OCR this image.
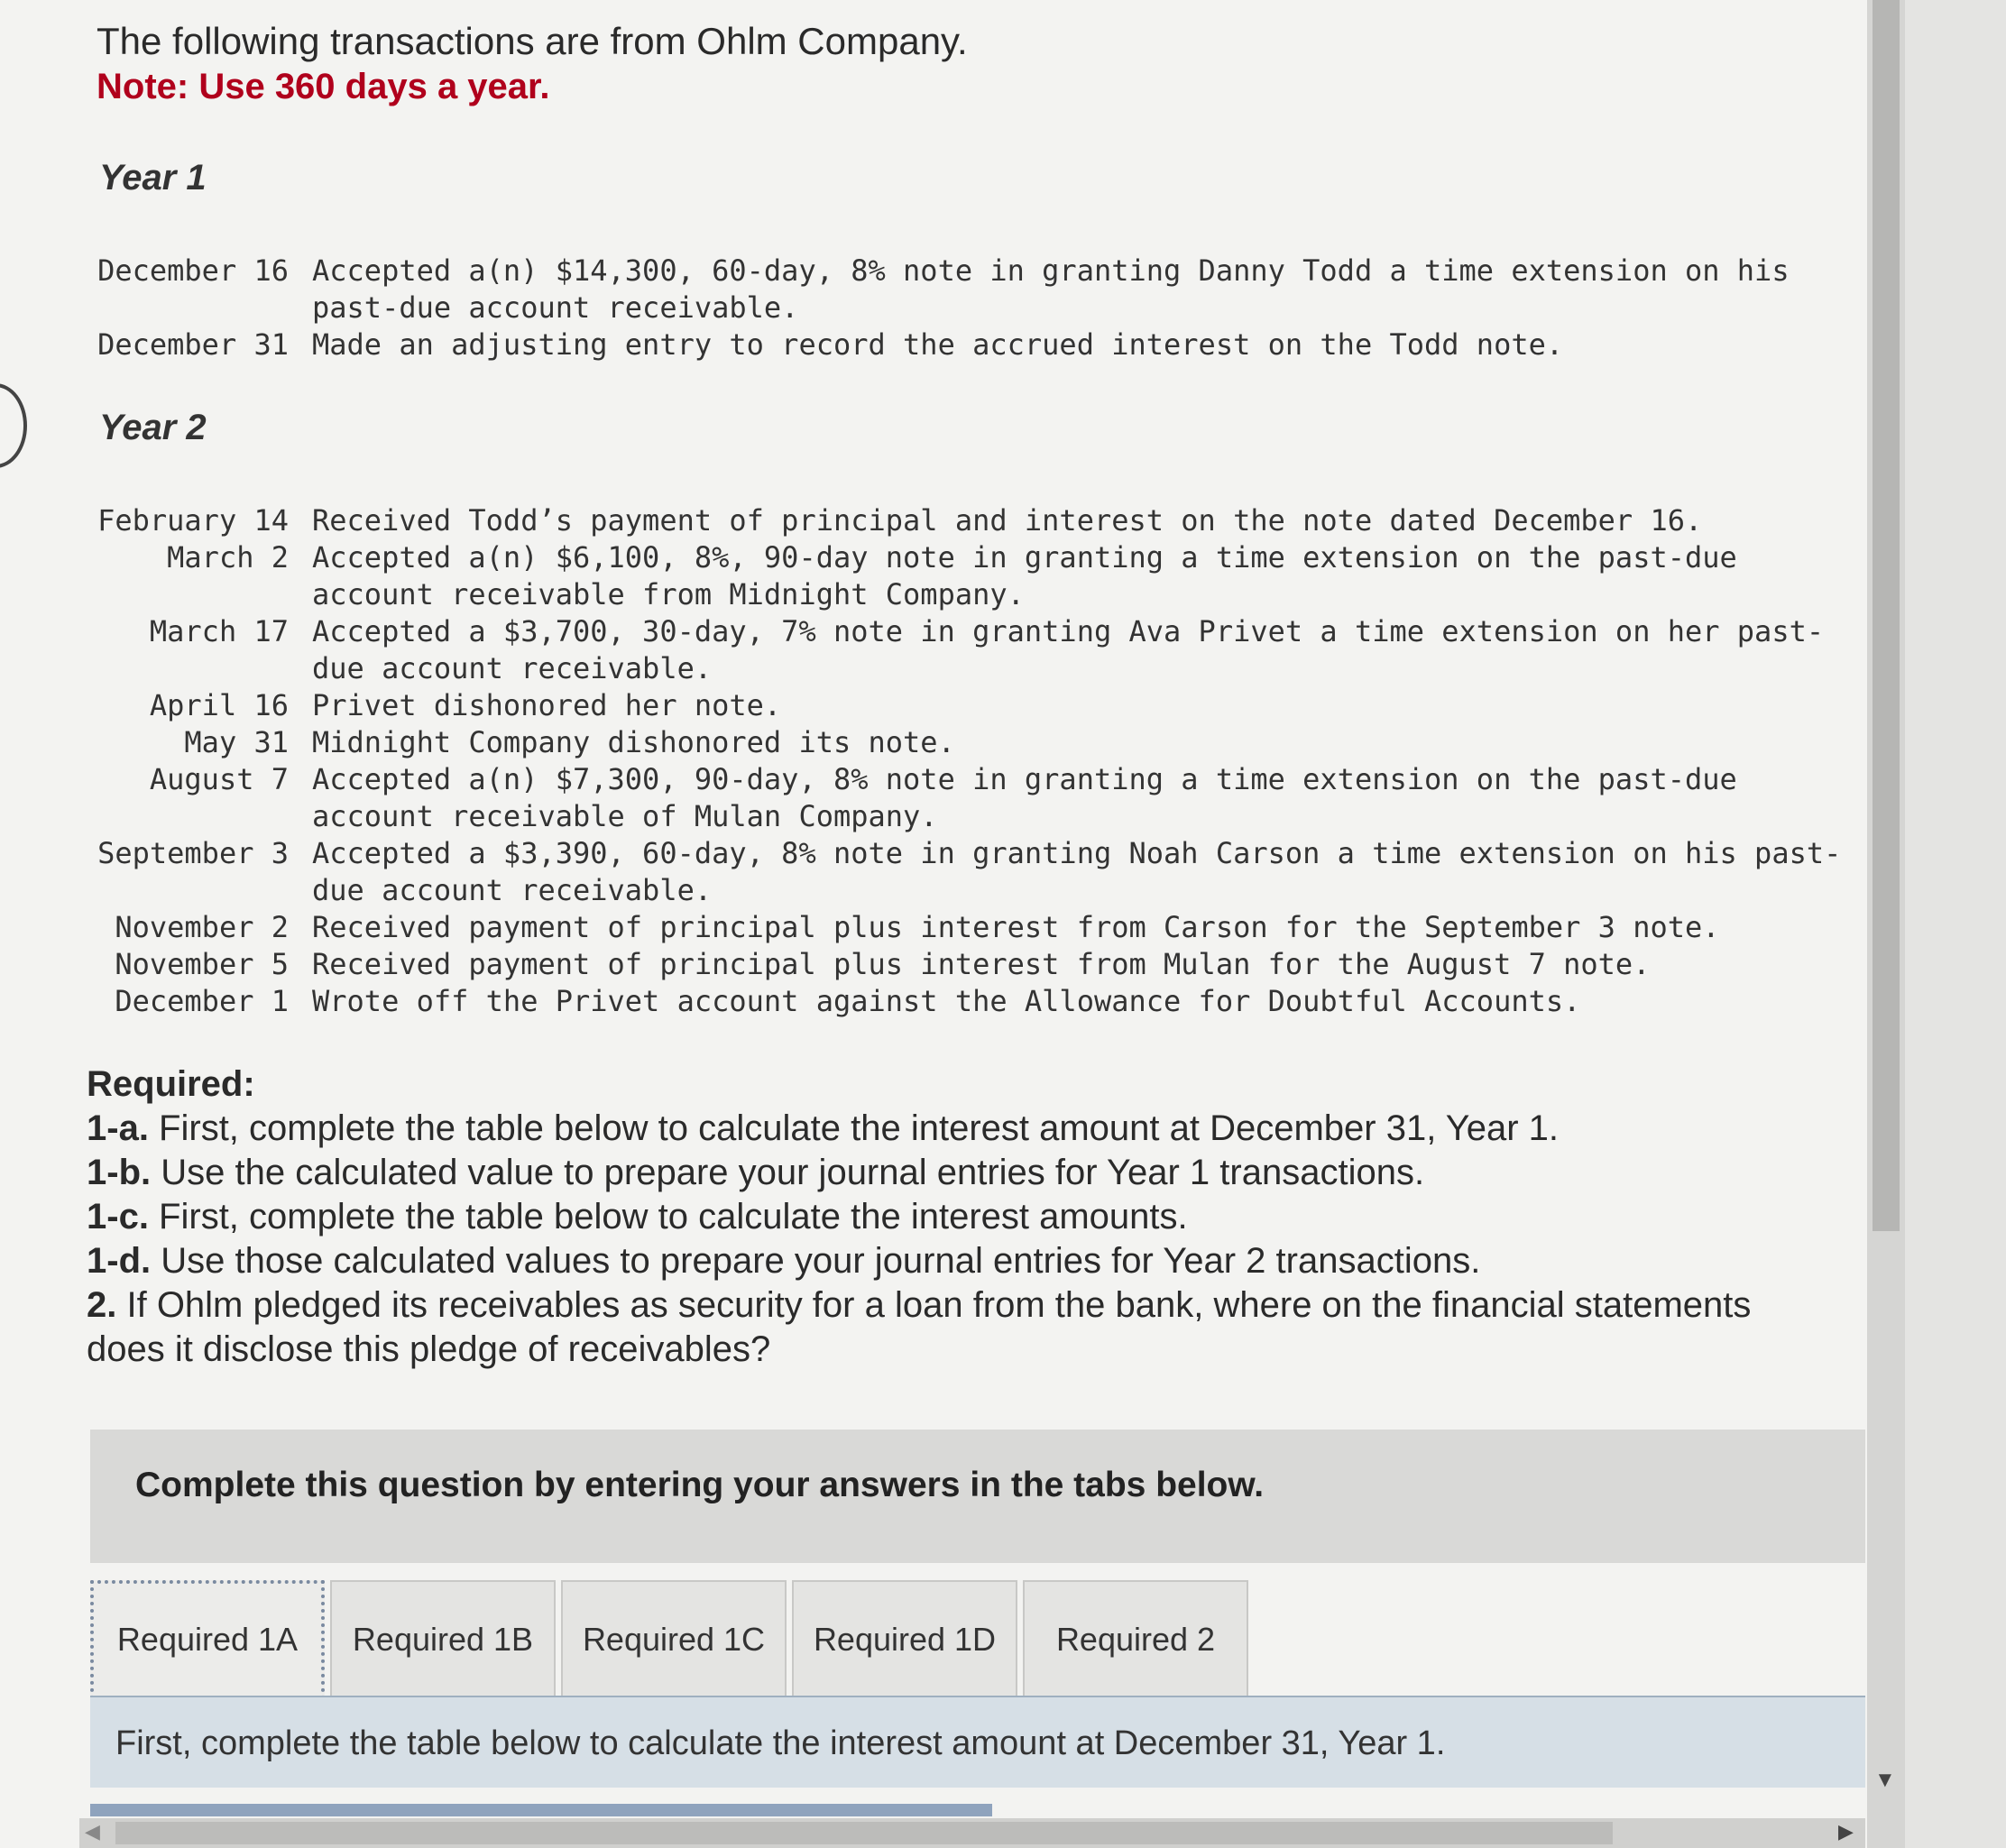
The following transactions are from Ohlm Company.
Note: Use 360 days a year.
Year 1
December 16 Accepted a(n) $14,300, 60-day, 8% note in granting Danny Todd a time extension on his
past-due account receivable.
December 31 Made an adjusting entry to record the accrued interest on the Todd note.
Year 2
February 14 Received Todd’s payment of principal and interest on the note dated December 16.
March 2 Accepted a(n) $6,100, 8%, 90-day note in granting a time extension on the past-due
account receivable from Midnight Company.
March 17 Accepted a $3,700, 30-day, 7% note in granting Ava Privet a time extension on her past-
due account receivable.
April 16 Privet dishonored her note.
May 31 Midnight Company dishonored its note.
August 7 Accepted a(n) $7,300, 90-day, 8% note in granting a time extension on the past-due
account receivable of Mulan Company.
September 3 Accepted a $3,390, 60-day, 8% note in granting Noah Carson a time extension on his past-
due account receivable.
November 2 Received payment of principal plus interest from Carson for the September 3 note.
November 5 Received payment of principal plus interest from Mulan for the August 7 note.
December 1 Wrote off the Privet account against the Allowance for Doubtful Accounts.
Required:
1-a. First, complete the table below to calculate the interest amount at December 31, Year 1.
1-b. Use the calculated value to prepare your journal entries for Year 1 transactions.
1-c. First, complete the table below to calculate the interest amounts.
1-d. Use those calculated values to prepare your journal entries for Year 2 transactions.
2. If Ohlm pledged its receivables as security for a loan from the bank, where on the financial statements does it disclose this pledge of receivables?
Complete this question by entering your answers in the tabs below.
Required 1A	Required 1B	Required 1C	Required 1D	Required 2
First, complete the table below to calculate the interest amount at December 31, Year 1.
◀	▶
▼
